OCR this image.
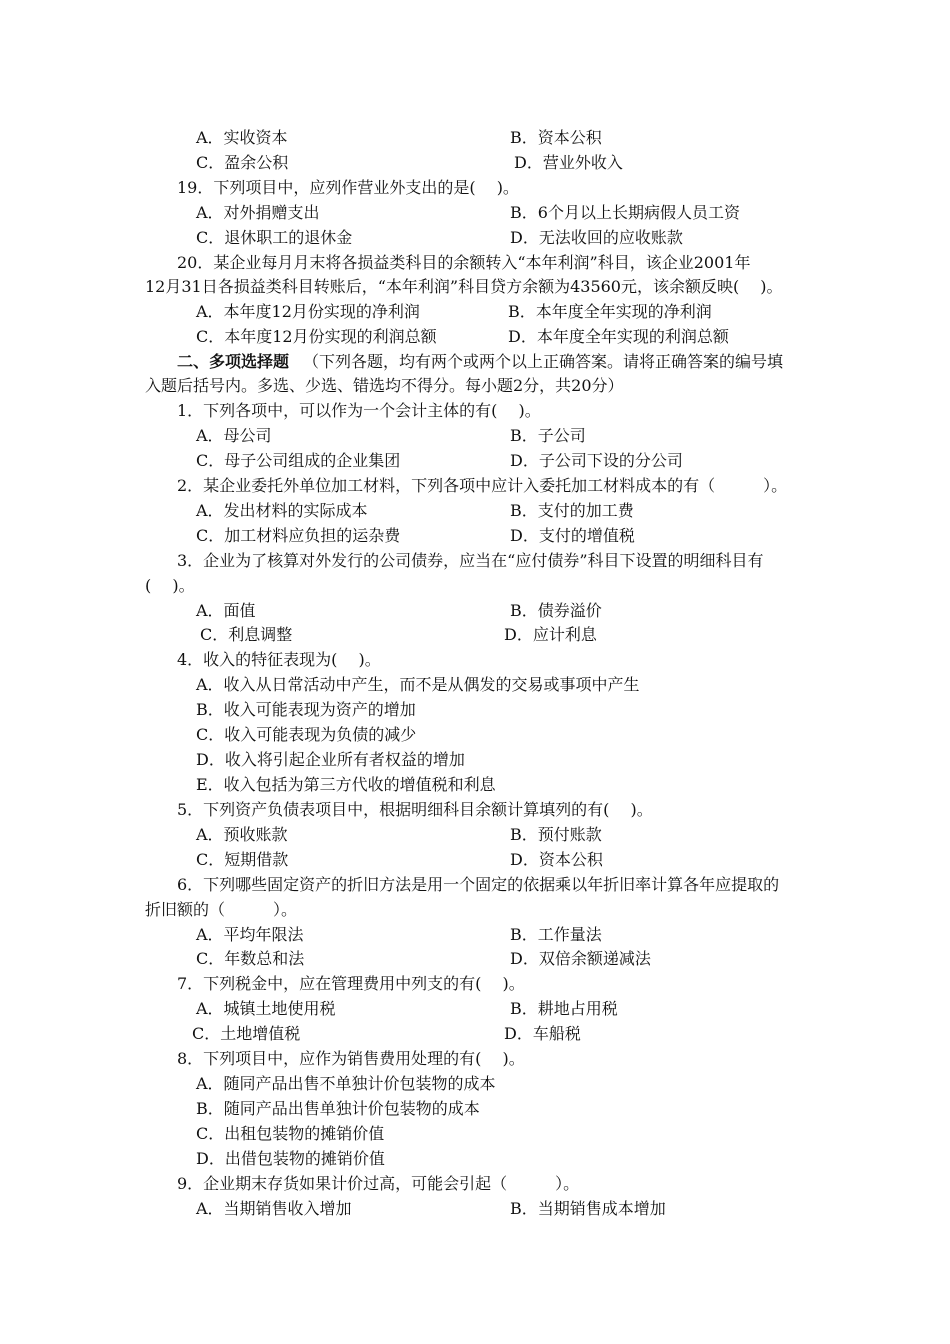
A．实收资本	B．资本公积
C．盈余公积	D．营业外收入
19．下列项目中，应列作营业外支出的是(　 )。
A．对外捐赠支出	B．6个月以上长期病假人员工资
C．退休职工的退休金	D．无法收回的应收账款
20．某企业每月月末将各损益类科目的余额转入“本年利润”科目，该企业2001年
12月31日各损益类科目转账后，“本年利润”科目贷方余额为43560元，该余额反映(　 )。
A．本年度12月份实现的净利润	B．本年度全年实现的净利润
C．本年度12月份实现的利润总额	D．本年度全年实现的利润总额
二、多项选择题 （下列各题，均有两个或两个以上正确答案。请将正确答案的编号填
入题后括号内。多选、少选、错选均不得分。每小题2分，共20分）
1．下列各项中，可以作为一个会计主体的有(　 )。
A．母公司	B．子公司
C．母子公司组成的企业集团	D．子公司下设的分公司
2．某企业委托外单位加工材料，下列各项中应计入委托加工材料成本的有（　　　）。
A．发出材料的实际成本	B．支付的加工费
C．加工材料应负担的运杂费	D．支付的增值税
3．企业为了核算对外发行的公司债券，应当在“应付债券”科目下设置的明细科目有
(　 )。
A．面值	B．债券溢价
C．利息调整	D．应计利息
4．收入的特征表现为(　 )。
A．收入从日常活动中产生，而不是从偶发的交易或事项中产生
B．收入可能表现为资产的增加
C．收入可能表现为负债的减少
D．收入将引起企业所有者权益的增加
E．收入包括为第三方代收的增值税和利息
5．下列资产负债表项目中，根据明细科目余额计算填列的有(　 )。
A．预收账款	B．预付账款
C．短期借款	D．资本公积
6．下列哪些固定资产的折旧方法是用一个固定的依据乘以年折旧率计算各年应提取的
折旧额的（　　　）。
A．平均年限法	B．工作量法
C．年数总和法	D．双倍余额递减法
7．下列税金中，应在管理费用中列支的有(　 )。
A．城镇土地使用税	B．耕地占用税
C．土地增值税	D．车船税
8．下列项目中，应作为销售费用处理的有(　 )。
A．随同产品出售不单独计价包装物的成本
B．随同产品出售单独计价包装物的成本
C．出租包装物的摊销价值
D．出借包装物的摊销价值
9．企业期末存货如果计价过高，可能会引起（　　　）。
A．当期销售收入增加	B．当期销售成本增加
